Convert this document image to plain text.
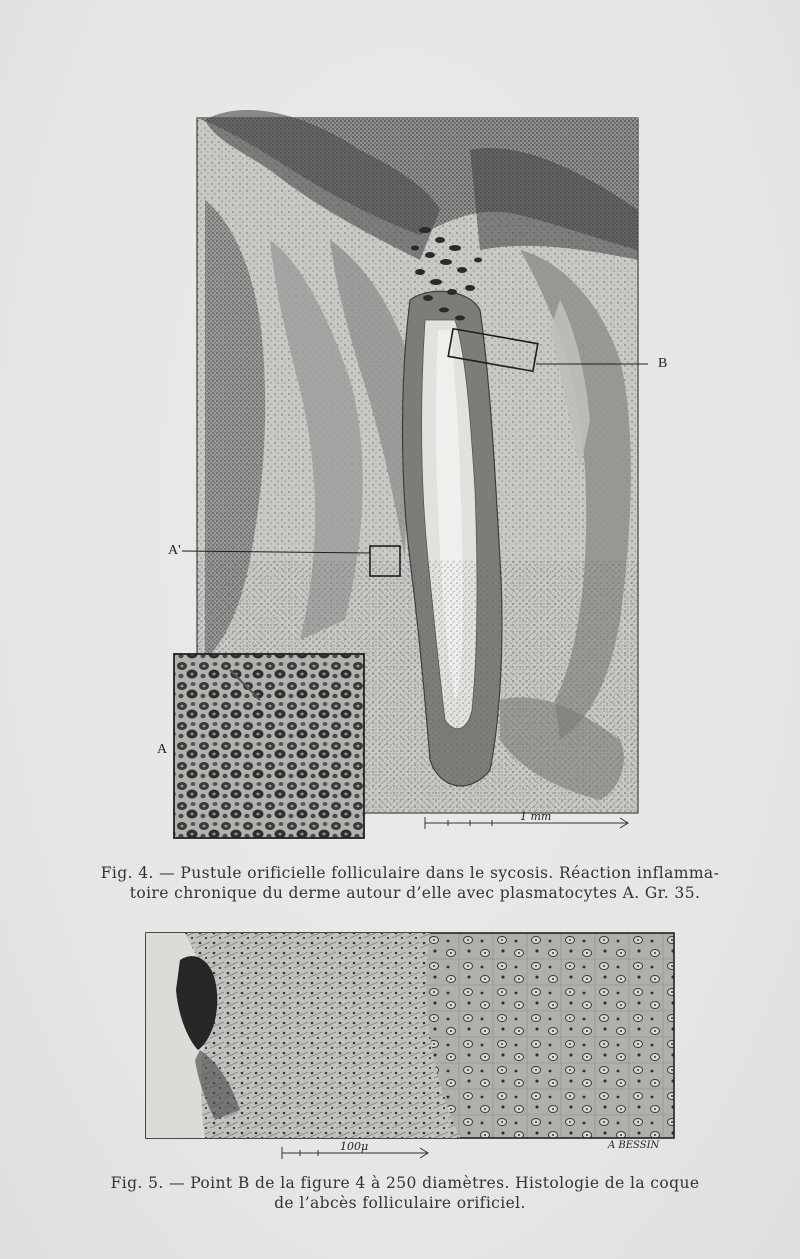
B
A'
A
1 mm
Fig. 4. — Pustule orificielle folliculaire dans le sycosis. Réaction inflamma-
toire chronique du derme autour d’elle avec plasmatocytes A. Gr. 35.
100μ	A BESSIN
Fig. 5. — Point B de la figure 4 à 250 diamètres. Histologie de la coque
de l’abcès folliculaire orificiel.
